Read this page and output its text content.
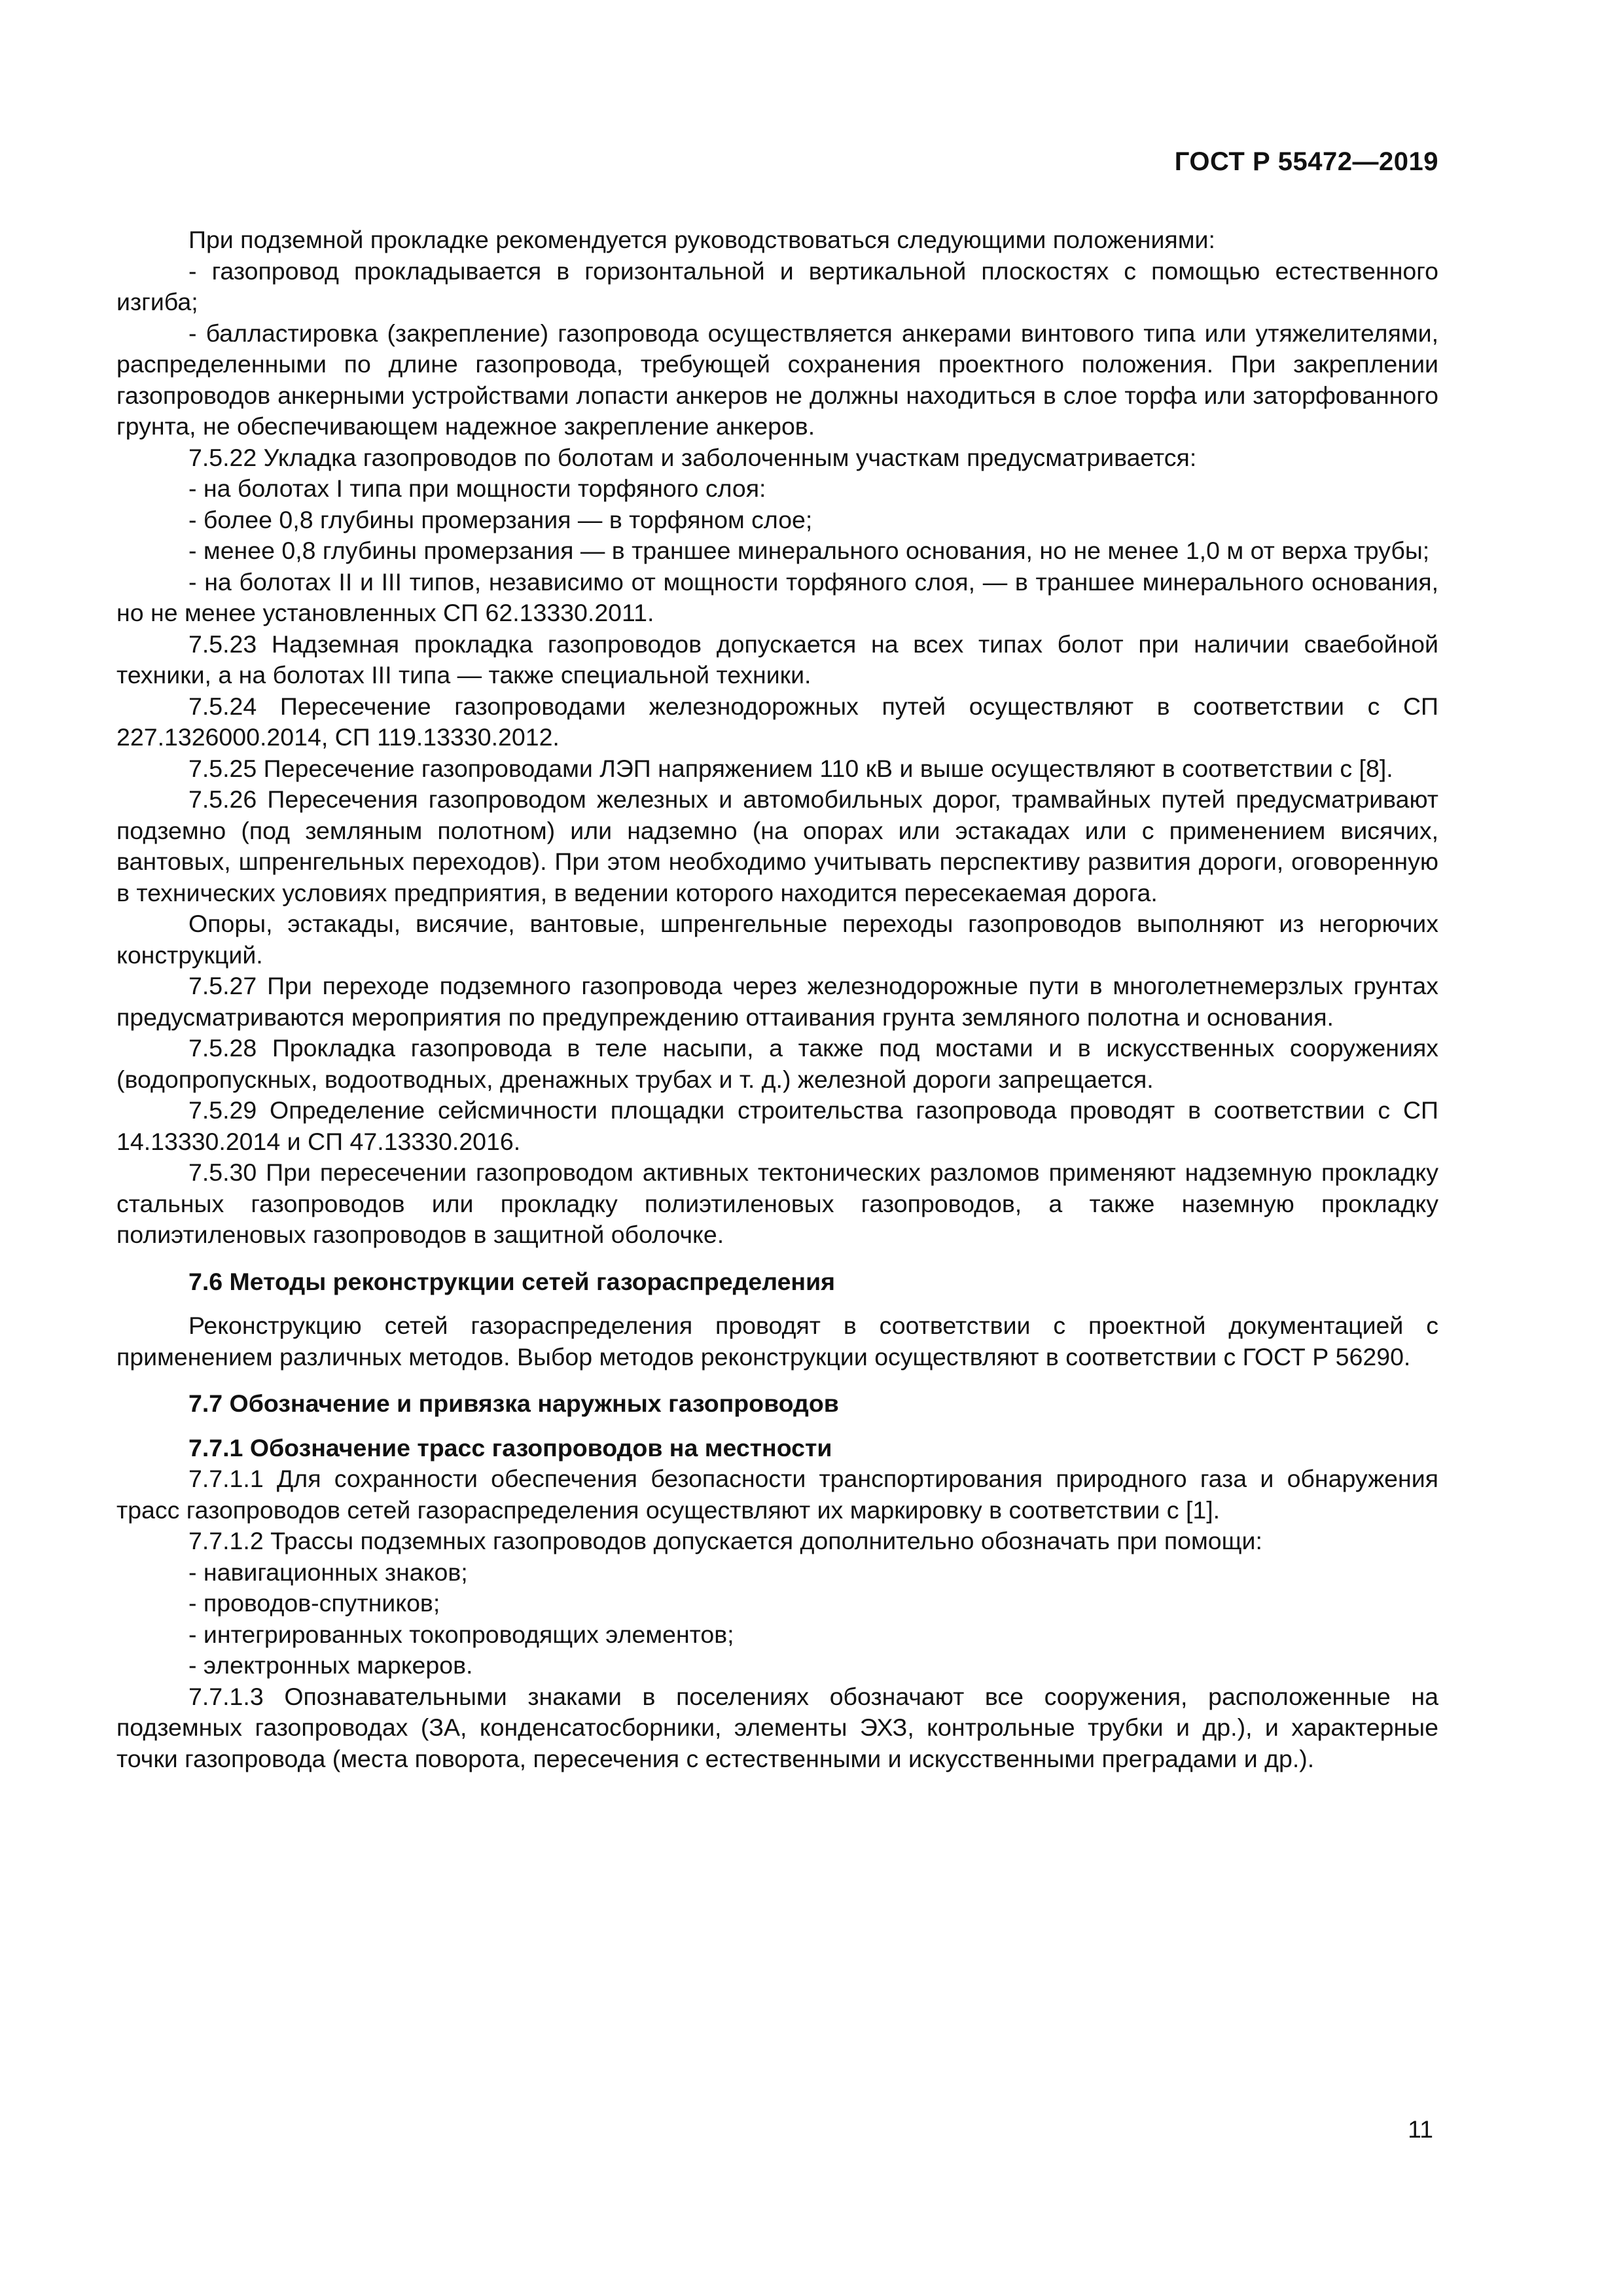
ГОСТ Р 55472—2019
При подземной прокладке рекомендуется руководствоваться следующими положениями:
- газопровод прокладывается в горизонтальной и вертикальной плоскостях с помощью естественного изгиба;
- балластировка (закрепление) газопровода осуществляется анкерами винтового типа или утяжелителями, распределенными по длине газопровода, требующей сохранения проектного положения. При закреплении газопроводов анкерными устройствами лопасти анкеров не должны находиться в слое торфа или заторфованного грунта, не обеспечивающем надежное закрепление анкеров.
7.5.22 Укладка газопроводов по болотам и заболоченным участкам предусматривается:
- на болотах I типа при мощности торфяного слоя:
- более 0,8 глубины промерзания — в торфяном слое;
- менее 0,8 глубины промерзания — в траншее минерального основания, но не менее 1,0 м от верха трубы;
- на болотах II и III типов, независимо от мощности торфяного слоя, — в траншее минерального основания, но не менее установленных СП 62.13330.2011.
7.5.23 Надземная прокладка газопроводов допускается на всех типах болот при наличии сваебойной техники, а на болотах III типа — также специальной техники.
7.5.24 Пересечение газопроводами железнодорожных путей осуществляют в соответствии с СП 227.1326000.2014, СП 119.13330.2012.
7.5.25 Пересечение газопроводами ЛЭП напряжением 110 кВ и выше осуществляют в соответствии с [8].
7.5.26 Пересечения газопроводом железных и автомобильных дорог, трамвайных путей предусматривают подземно (под земляным полотном) или надземно (на опорах или эстакадах или с применением висячих, вантовых, шпренгельных переходов). При этом необходимо учитывать перспективу развития дороги, оговоренную в технических условиях предприятия, в ведении которого находится пересекаемая дорога.
Опоры, эстакады, висячие, вантовые, шпренгельные переходы газопроводов выполняют из негорючих конструкций.
7.5.27 При переходе подземного газопровода через железнодорожные пути в многолетнемерзлых грунтах предусматриваются мероприятия по предупреждению оттаивания грунта земляного полотна и основания.
7.5.28 Прокладка газопровода в теле насыпи, а также под мостами и в искусственных сооружениях (водопропускных, водоотводных, дренажных трубах и т. д.) железной дороги запрещается.
7.5.29 Определение сейсмичности площадки строительства газопровода проводят в соответствии с СП 14.13330.2014 и СП 47.13330.2016.
7.5.30 При пересечении газопроводом активных тектонических разломов применяют надземную прокладку стальных газопроводов или прокладку полиэтиленовых газопроводов, а также наземную прокладку полиэтиленовых газопроводов в защитной оболочке.
7.6 Методы реконструкции сетей газораспределения
Реконструкцию сетей газораспределения проводят в соответствии с проектной документацией с применением различных методов. Выбор методов реконструкции осуществляют в соответствии с ГОСТ Р 56290.
7.7 Обозначение и привязка наружных газопроводов
7.7.1 Обозначение трасс газопроводов на местности
7.7.1.1 Для сохранности обеспечения безопасности транспортирования природного газа и обнаружения трасс газопроводов сетей газораспределения осуществляют их маркировку в соответствии с [1].
7.7.1.2 Трассы подземных газопроводов допускается дополнительно обозначать при помощи:
- навигационных знаков;
- проводов-спутников;
- интегрированных токопроводящих элементов;
- электронных маркеров.
7.7.1.3 Опознавательными знаками в поселениях обозначают все сооружения, расположенные на подземных газопроводах (ЗА, конденсатосборники, элементы ЭХЗ, контрольные трубки и др.), и характерные точки газопровода (места поворота, пересечения с естественными и искусственными преградами и др.).
11
